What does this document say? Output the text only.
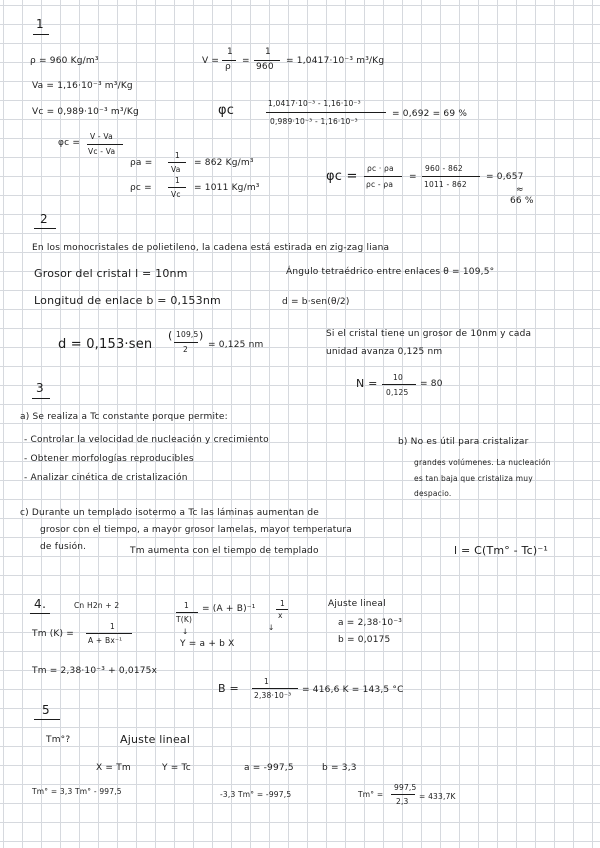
1
ρ = 960 Kg/m³
Va = 1,16·10⁻³ m³/Kg
Vc = 0,989·10⁻³ m³/Kg
φc =
V - Va
Vc - Va
V =
1
ρ
=
1
960
= 1,0417·10⁻³ m³/Kg
φc	1,0417·10⁻³ - 1,16·10⁻³
0,989·10⁻³ - 1,16·10⁻³
= 0,692 = 69 %
ρa =
1
Va
= 862 Kg/m³
ρc =
1
Vc
= 1011 Kg/m³
φc =
ρc · ρa
ρc - ρa
=
960 - 862
1011 - 862
= 0,657
≈
66 %
2
En los monocristales de polietileno, la cadena está estirada en zig-zag liana
Grosor del cristal l = 10nm	Ángulo tetraédrico entre enlaces θ = 109,5°
Longitud de enlace b = 0,153nm	d = b·sen(θ/2)
d = 0,153·sen
( 109,5
2
)
= 0,125 nm
Si el cristal tiene un grosor de 10nm y cada
unidad avanza 0,125 nm
N = 10
0,125
= 80
3
a) Se realiza a Tc constante porque permite:
- Controlar la velocidad de nucleación y crecimiento
- Obtener morfologías reproducibles
- Analizar cinética de cristalización
b) No es útil para cristalizar
grandes volúmenes. La nucleación
es tan baja que cristaliza muy
despacio.
c) Durante un templado isotermo a Tc las láminas aumentan de
grosor con el tiempo, a mayor grosor lamelas, mayor temperatura
de fusión.	Tm aumenta con el tiempo de templado	l = C(Tm° - Tc)⁻¹
4.	Cn H2n + 2
Tm (K) =
1
A + Bx⁻¹
1
T(K)
= (A + B)⁻¹
1
x
↓	↓
Y = a + b X
Ajuste lineal
a = 2,38·10⁻³
b = 0,0175
Tm = 2,38·10⁻³ + 0,0175x
B =
1
2,38·10⁻³
= 416,6 K = 143,5 °C
5
Tm°?	Ajuste lineal
X = Tm	Y = Tc	a = -997,5	b = 3,3
Tm° = 3,3 Tm° - 997,5	-3,3 Tm° = -997,5	Tm° =
997,5
2,3
= 433,7K
